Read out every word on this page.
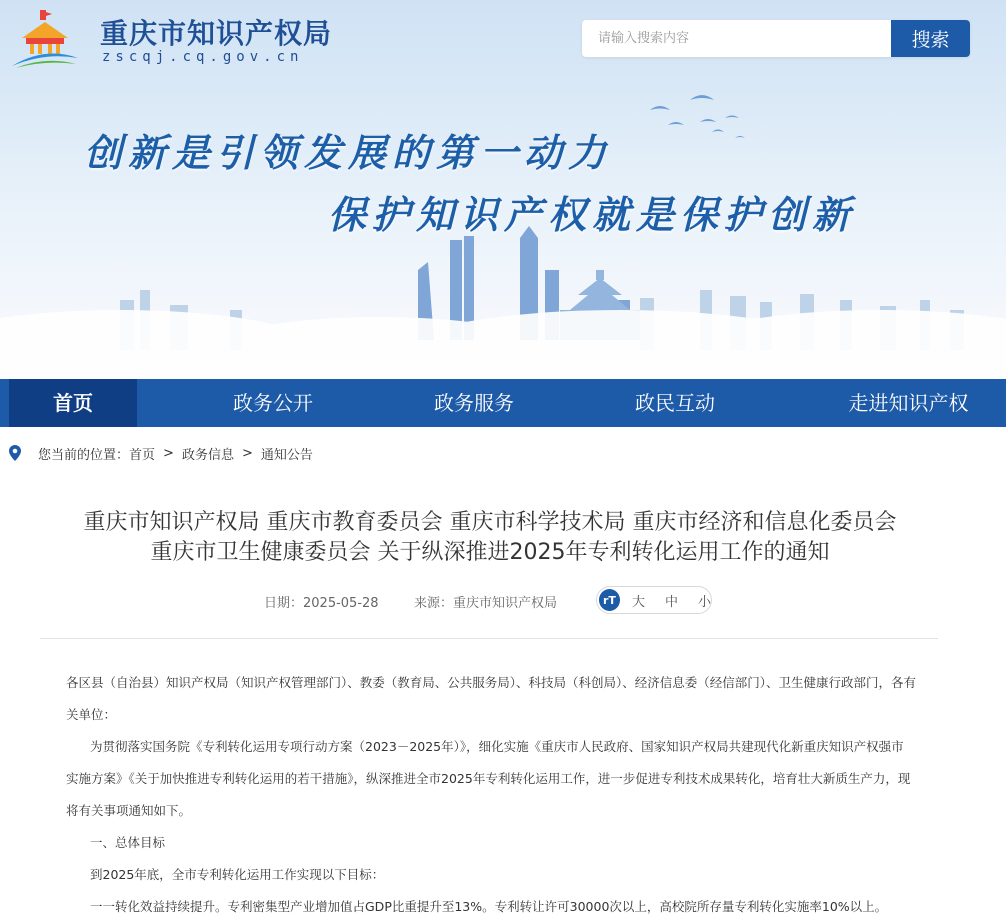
重庆市知识产权局
zscqj.cq.gov.cn
请输入搜索内容
搜索
创新是引领发展的第一动力
保护知识产权就是保护创新
首页	政务公开	政务服务	政民互动	走进知识产权
您当前的位置： 首页 > 政务信息 > 通知公告
重庆市知识产权局 重庆市教育委员会 重庆市科学技术局 重庆市经济和信息化委员会
重庆市卫生健康委员会 关于纵深推进2025年专利转化运用工作的通知
日期：2025-05-28	来源：重庆市知识产权局	rT	大 中 小

各区县（自治县）知识产权局（知识产权管理部门）、教委（教育局、公共服务局）、科技局（科创局）、经济信息委（经信部门）、卫生健康行政部门，各有关单位：

为贯彻落实国务院《专利转化运用专项行动方案（2023－2025年）》，细化实施《重庆市人民政府、国家知识产权局共建现代化新重庆知识产权强市实施方案》《关于加快推进专利转化运用的若干措施》，纵深推进全市2025年专利转化运用工作，进一步促进专利技术成果转化，培育壮大新质生产力，现将有关事项通知如下。

一、总体目标

到2025年底，全市专利转化运用工作实现以下目标：

一一转化效益持续提升。专利密集型产业增加值占GDP比重提升至13%。专利转让许可30000次以上，高校院所存量专利转化实施率10%以上。
